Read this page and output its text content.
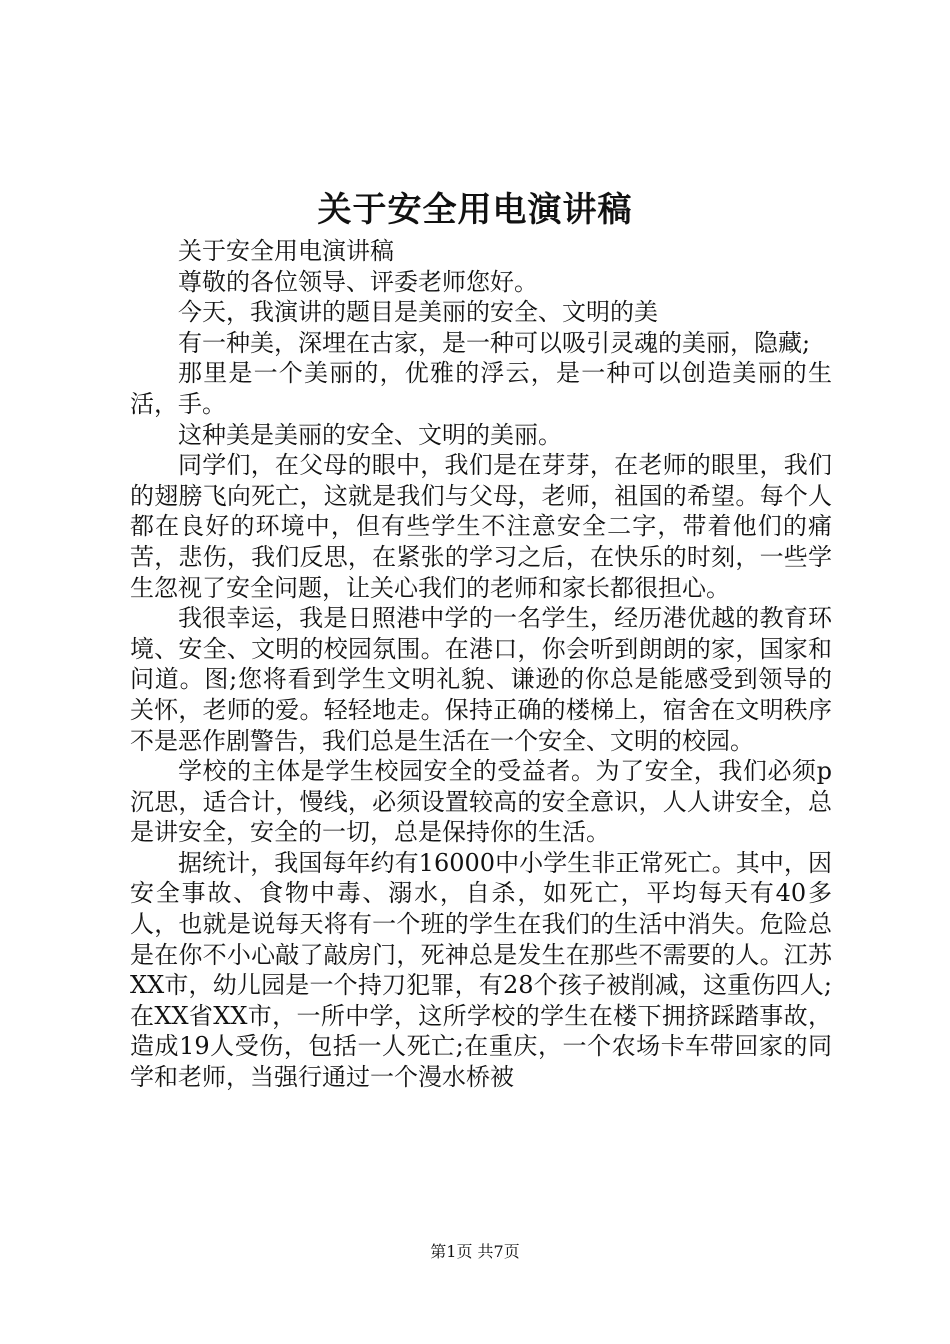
关于安全用电演讲稿

关于安全用电演讲稿

尊敬的各位领导、评委老师您好。

今天，我演讲的题目是美丽的安全、文明的美

有一种美，深埋在古家，是一种可以吸引灵魂的美丽，隐藏;

那里是一个美丽的，优雅的浮云，是一种可以创造美丽的生活，手。

这种美是美丽的安全、文明的美丽。

同学们，在父母的眼中，我们是在芽芽，在老师的眼里，我们的翅膀飞向死亡，这就是我们与父母，老师，祖国的希望。每个人都在良好的环境中，但有些学生不注意安全二字，带着他们的痛苦，悲伤，我们反思，在紧张的学习之后，在快乐的时刻，一些学生忽视了安全问题，让关心我们的老师和家长都很担心。

我很幸运，我是日照港中学的一名学生，经历港优越的教育环境、安全、文明的校园氛围。在港口，你会听到朗朗的家，国家和问道。图;您将看到学生文明礼貌、谦逊的你总是能感受到领导的关怀，老师的爱。轻轻地走。保持正确的楼梯上，宿舍在文明秩序不是恶作剧警告，我们总是生活在一个安全、文明的校园。

学校的主体是学生校园安全的受益者。为了安全，我们必须p沉思，适合计，慢线，必须设置较高的安全意识，人人讲安全，总是讲安全，安全的一切，总是保持你的生活。

据统计，我国每年约有16000中小学生非正常死亡。其中，因安全事故、食物中毒、溺水，自杀，如死亡，平均每天有40多人，也就是说每天将有一个班的学生在我们的生活中消失。危险总是在你不小心敲了敲房门，死神总是发生在那些不需要的人。江苏XX市，幼儿园是一个持刀犯罪，有28个孩子被削减，这重伤四人;在XX省XX市，一所中学，这所学校的学生在楼下拥挤踩踏事故，造成19人受伤，包括一人死亡;在重庆，一个农场卡车带回家的同学和老师，当强行通过一个漫水桥被

第1页 共7页
